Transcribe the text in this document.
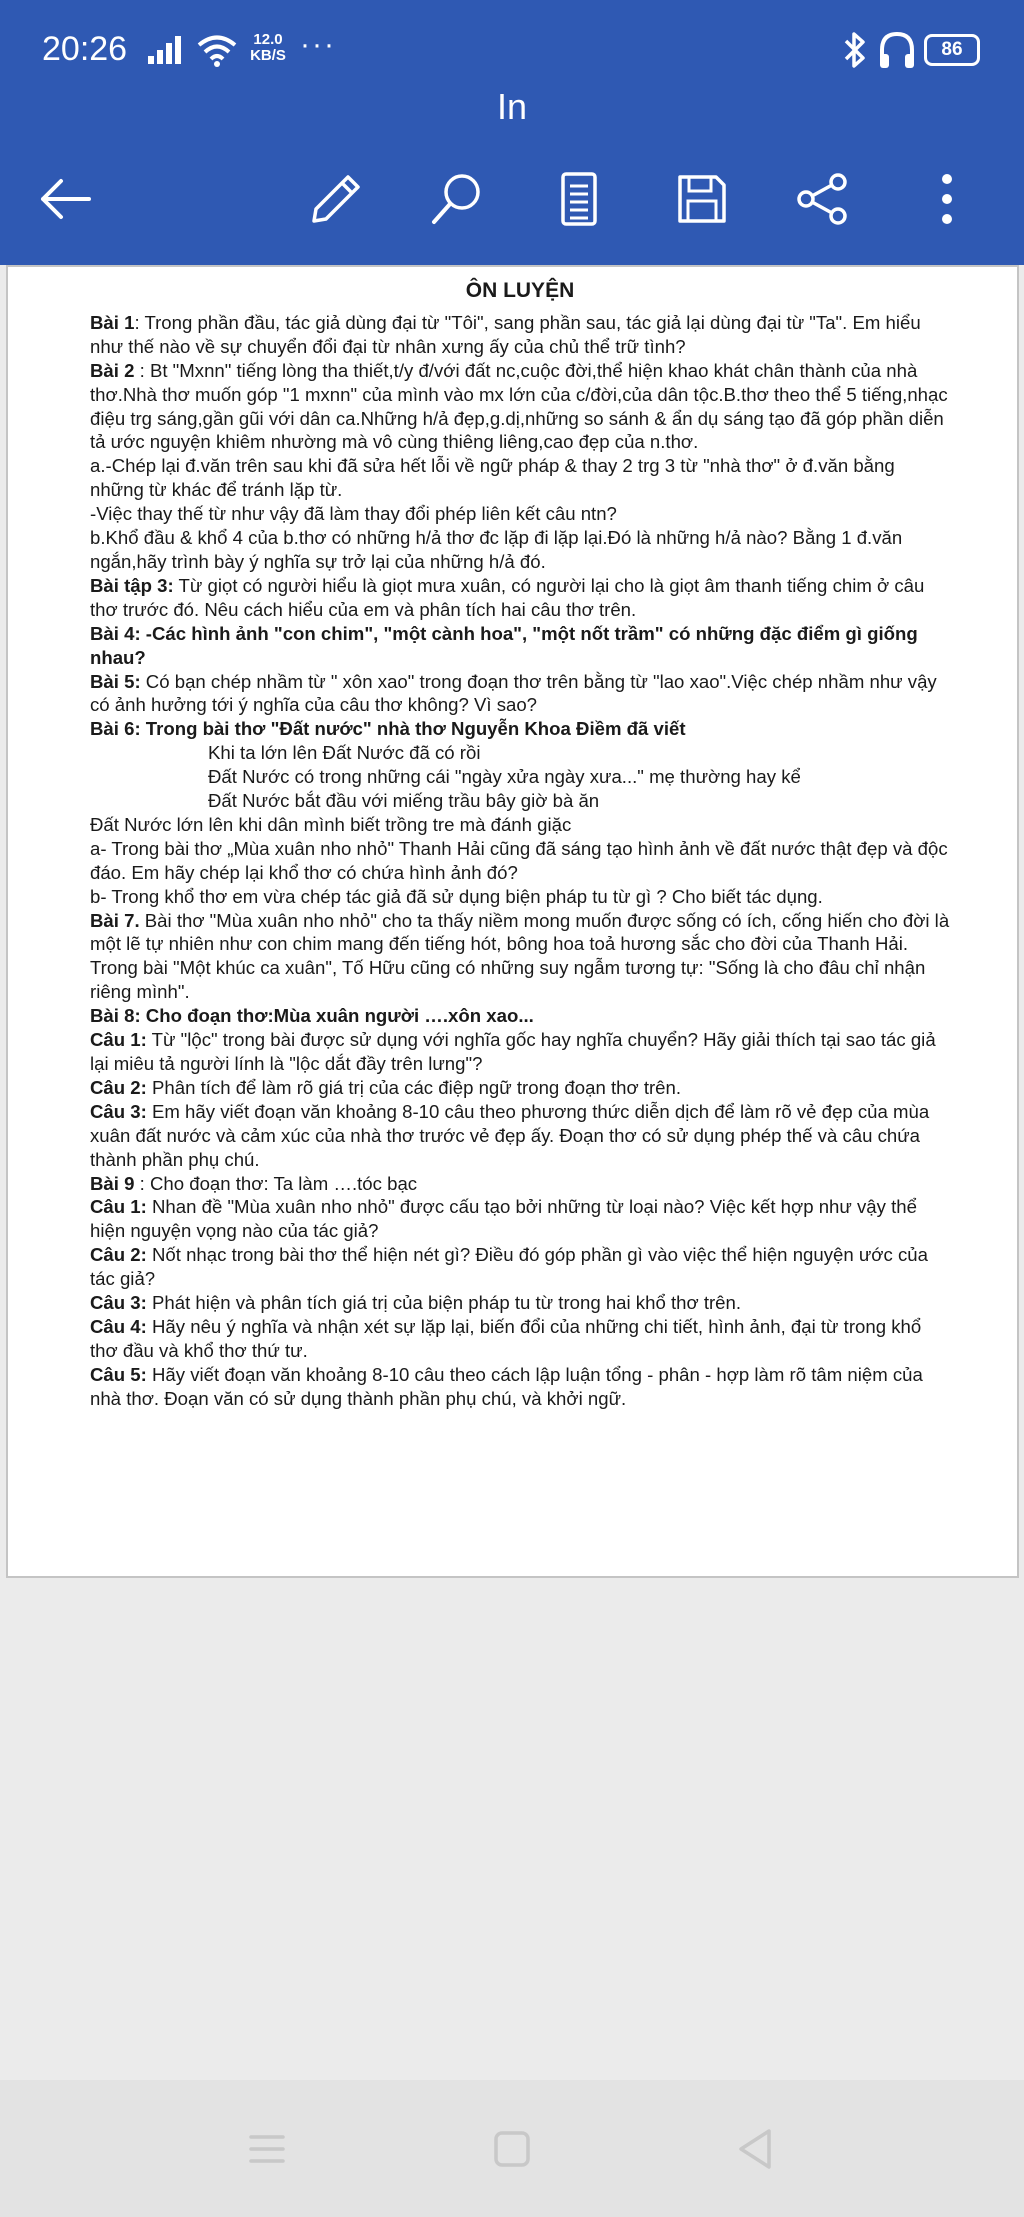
20:26	12.0
KB/S ···	86
In
ÔN LUYỆN
Bài 1: Trong phần đầu, tác giả dùng đại từ "Tôi", sang phần sau, tác giả lại dùng đại từ "Ta". Em hiểu như thế nào về sự chuyển đổi đại từ nhân xưng ấy của chủ thể trữ tình?
Bài 2 : Bt "Mxnn" tiếng lòng tha thiết,t/y đ/với đất nc,cuộc đời,thể hiện khao khát chân thành của nhà thơ.Nhà thơ muốn góp "1 mxnn" của mình vào mx lớn của c/đời,của dân tộc.B.thơ theo thể 5 tiếng,nhạc điệu trg sáng,gần gũi với dân ca.Những h/ả đẹp,g.dị,những so sánh & ẩn dụ sáng tạo đã góp phần diễn tả ước nguyện khiêm nhường mà vô cùng thiêng liêng,cao đẹp của n.thơ.
a.-Chép lại đ.văn trên sau khi đã sửa hết lỗi về ngữ pháp & thay 2 trg 3 từ "nhà thơ" ở đ.văn bằng những từ khác để tránh lặp từ.
-Việc thay thế từ như vậy đã làm thay đổi phép liên kết câu ntn?
b.Khổ đầu & khổ 4 của b.thơ có những h/ả thơ đc lặp đi lặp lại.Đó là những h/ả nào? Bằng 1 đ.văn ngắn,hãy trình bày ý nghĩa sự trở lại của những h/ả đó.
Bài tập 3: Từ giọt có người hiểu là giọt mưa xuân, có người lại cho là giọt âm thanh tiếng chim ở câu thơ trước đó. Nêu cách hiểu của em và phân tích hai câu thơ trên.
Bài 4: -Các hình ảnh "con chim", "một cành hoa", "một nốt trầm" có những đặc điểm gì giống nhau?
Bài 5: Có bạn chép nhầm từ " xôn xao" trong đoạn thơ trên bằng từ "lao xao".Việc chép nhầm như vậy có ảnh hưởng tới ý nghĩa của câu thơ không? Vì sao?
Bài 6: Trong bài thơ "Đất nước" nhà thơ Nguyễn Khoa Điềm đã viết
Khi ta lớn lên Đất Nước đã có rồi
Đất Nước có trong những cái "ngày xửa ngày xưa..." mẹ thường hay kể
Đất Nước bắt đầu với miếng trầu bây giờ bà ăn
Đất Nước lớn lên khi dân mình biết trồng tre mà đánh giặc
a- Trong bài thơ „Mùa xuân nho nhỏ" Thanh Hải cũng đã sáng tạo hình ảnh về đất nước thật đẹp và độc đáo. Em hãy chép lại khổ thơ có chứa hình ảnh đó?
b- Trong khổ thơ em vừa chép tác giả đã sử dụng biện pháp tu từ gì ? Cho biết tác dụng.
Bài 7. Bài thơ "Mùa xuân nho nhỏ" cho ta thấy niềm mong muốn được sống có ích, cống hiến cho đời là một lẽ tự nhiên như con chim mang đến tiếng hót, bông hoa toả hương sắc cho đời của Thanh Hải. Trong bài "Một khúc ca xuân", Tố Hữu cũng có những suy ngẫm tương tự: "Sống là cho đâu chỉ nhận riêng mình".
Bài 8: Cho đoạn thơ:Mùa xuân người ….xôn xao...
Câu 1: Từ "lộc" trong bài được sử dụng với nghĩa gốc hay nghĩa chuyển? Hãy giải thích tại sao tác giả lại miêu tả người lính là "lộc dắt đầy trên lưng"?
Câu 2: Phân tích để làm rõ giá trị của các điệp ngữ trong đoạn thơ trên.
Câu 3: Em hãy viết đoạn văn khoảng 8-10 câu theo phương thức diễn dịch để làm rõ vẻ đẹp của mùa xuân đất nước và cảm xúc của nhà thơ trước vẻ đẹp ấy. Đoạn thơ có sử dụng phép thế và câu chứa thành phần phụ chú.
Bài 9 : Cho đoạn thơ: Ta làm ….tóc bạc
Câu 1: Nhan đề "Mùa xuân nho nhỏ" được cấu tạo bởi những từ loại nào? Việc kết hợp như vậy thể hiện nguyện vọng nào của tác giả?
Câu 2: Nốt nhạc trong bài thơ thể hiện nét gì? Điều đó góp phần gì vào việc thể hiện nguyện ước của tác giả?
Câu 3: Phát hiện và phân tích giá trị của biện pháp tu từ trong hai khổ thơ trên.
Câu 4: Hãy nêu ý nghĩa và nhận xét sự lặp lại, biến đổi của những chi tiết, hình ảnh, đại từ trong khổ thơ đầu và khổ thơ thứ tư.
Câu 5: Hãy viết đoạn văn khoảng 8-10 câu theo cách lập luận tổng - phân - hợp làm rõ tâm niệm của nhà thơ. Đoạn văn có sử dụng thành phần phụ chú, và khởi ngữ.
